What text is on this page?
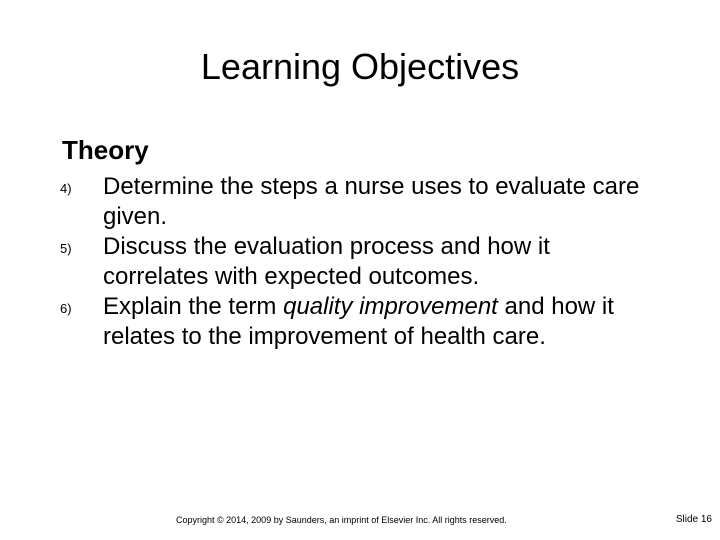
Learning Objectives
Theory
4) Determine the steps a nurse uses to evaluate care given.
5) Discuss the evaluation process and how it correlates with expected outcomes.
6) Explain the term quality improvement and how it relates to the improvement of health care.
Copyright © 2014, 2009 by Saunders, an imprint of Elsevier Inc. All rights reserved.	Slide 16
